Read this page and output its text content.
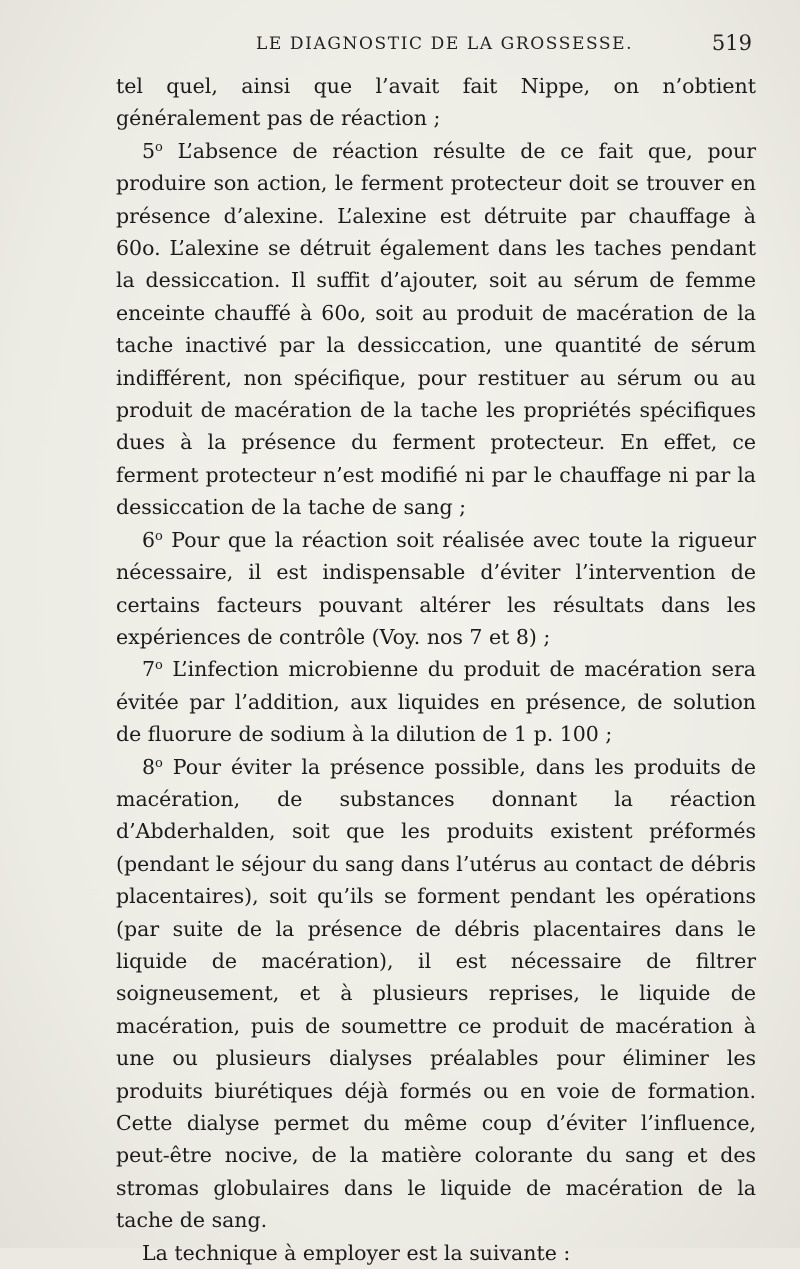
LE DIAGNOSTIC DE LA GROSSESSE.	519

tel quel, ainsi que l’avait fait Nippe, on n’obtient généralement pas de réaction ;

5$^o$ L’absence de réaction résulte de ce fait que, pour produire son action, le ferment protecteur doit se trouver en présence d’alexine. L’alexine est détruite par chauffage à 60o. L’alexine se détruit également dans les taches pendant la dessiccation. Il suffit d’ajouter, soit au sérum de femme enceinte chauffé à 60o, soit au produit de macération de la tache inactivé par la dessiccation, une quantité de sérum indifférent, non spécifique, pour restituer au sérum ou au produit de macération de la tache les propriétés spécifiques dues à la présence du ferment protecteur. En effet, ce ferment protecteur n’est modifié ni par le chauffage ni par la dessiccation de la tache de sang ;

6$^o$ Pour que la réaction soit réalisée avec toute la rigueur nécessaire, il est indispensable d’éviter l’intervention de certains facteurs pouvant altérer les résultats dans les expériences de contrôle (Voy. nos 7 et 8) ;

7$^o$ L’infection microbienne du produit de macération sera évitée par l’addition, aux liquides en présence, de solution de fluorure de sodium à la dilution de 1 p. 100 ;

8$^o$ Pour éviter la présence possible, dans les produits de macération, de substances donnant la réaction d’Abderhalden, soit que les produits existent préformés (pendant le séjour du sang dans l’utérus au contact de débris placentaires), soit qu’ils se forment pendant les opérations (par suite de la présence de débris placentaires dans le liquide de macération), il est nécessaire de filtrer soigneusement, et à plusieurs reprises, le liquide de macération, puis de soumettre ce produit de macération à une ou plusieurs dialyses préalables pour éliminer les produits biurétiques déjà formés ou en voie de formation. Cette dialyse permet du même coup d’éviter l’influence, peut-être nocive, de la matière colorante du sang et des stromas globulaires dans le liquide de macération de la tache de sang.

La technique à employer est la suivante :
